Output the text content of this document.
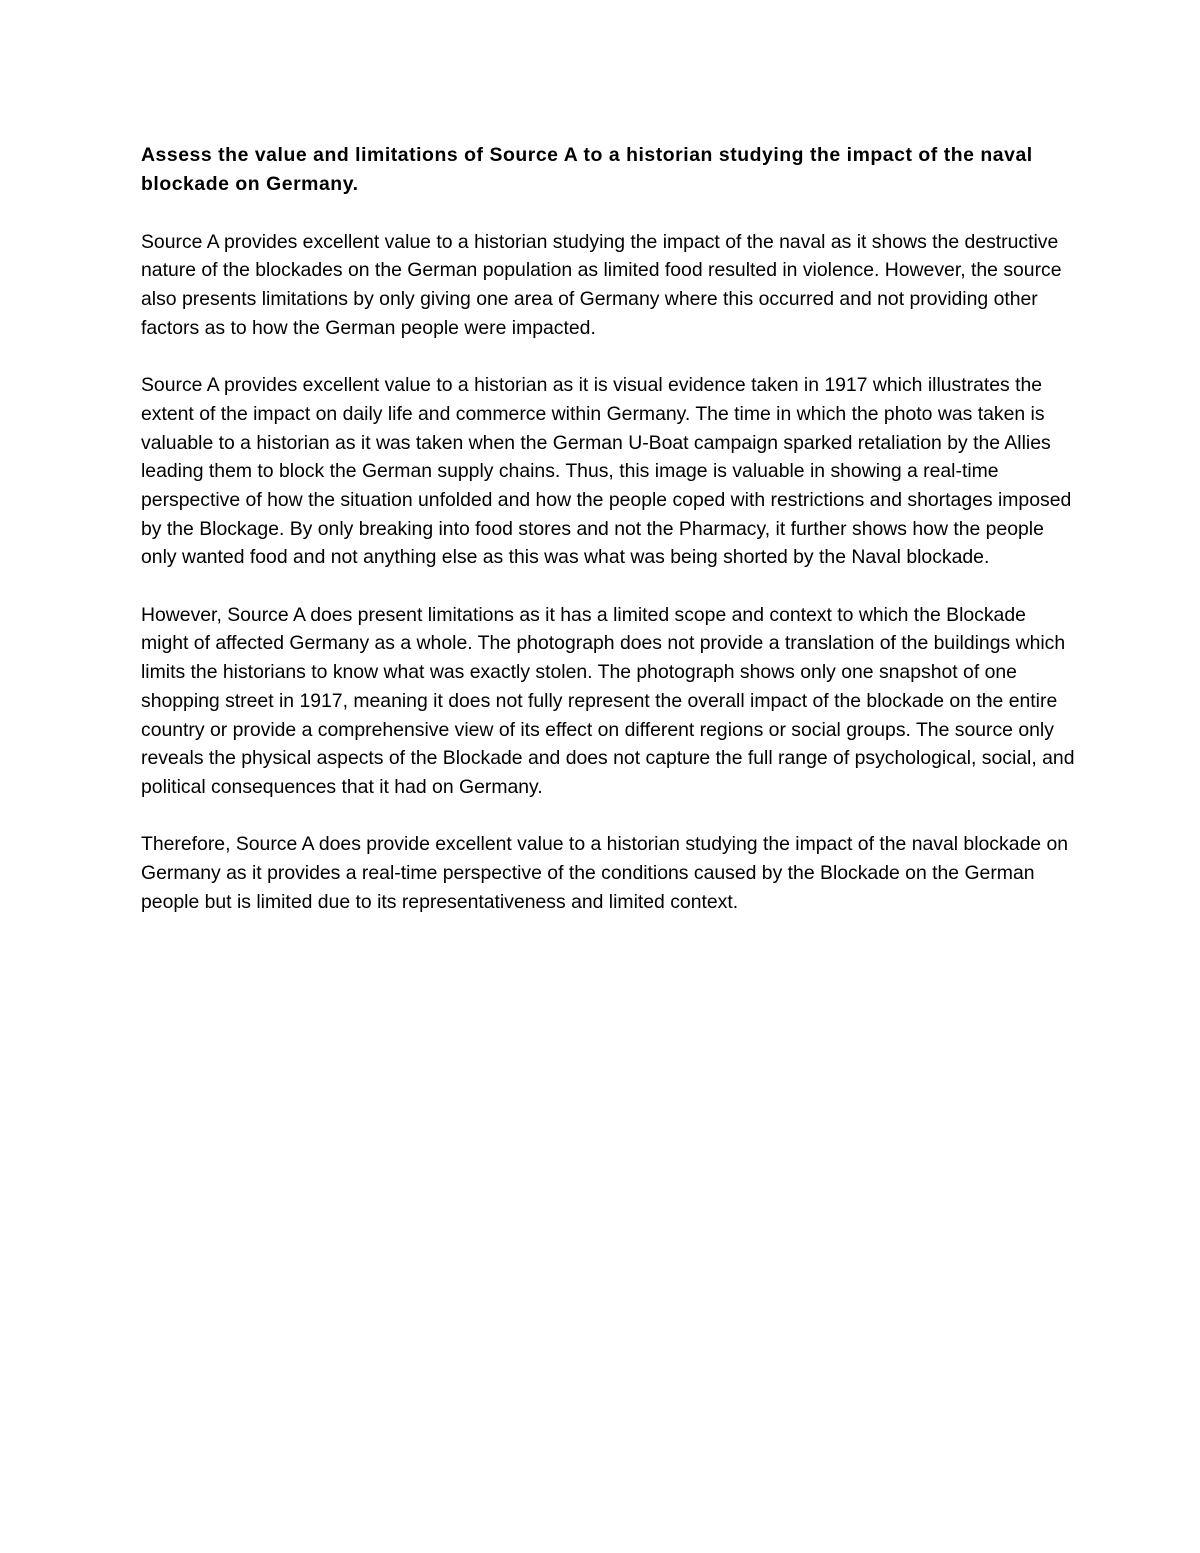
Assess the value and limitations of Source A to a historian studying the impact of the naval blockade on Germany.

Source A provides excellent value to a historian studying the impact of the naval as it shows the destructive nature of the blockades on the German population as limited food resulted in violence. However, the source also presents limitations by only giving one area of Germany where this occurred and not providing other factors as to how the German people were impacted.

Source A provides excellent value to a historian as it is visual evidence taken in 1917 which illustrates the extent of the impact on daily life and commerce within Germany. The time in which the photo was taken is valuable to a historian as it was taken when the German U-Boat campaign sparked retaliation by the Allies leading them to block the German supply chains. Thus, this image is valuable in showing a real-time perspective of how the situation unfolded and how the people coped with restrictions and shortages imposed by the Blockage. By only breaking into food stores and not the Pharmacy, it further shows how the people only wanted food and not anything else as this was what was being shorted by the Naval blockade.

However, Source A does present limitations as it has a limited scope and context to which the Blockade might of affected Germany as a whole. The photograph does not provide a translation of the buildings which limits the historians to know what was exactly stolen. The photograph shows only one snapshot of one shopping street in 1917, meaning it does not fully represent the overall impact of the blockade on the entire country or provide a comprehensive view of its effect on different regions or social groups. The source only reveals the physical aspects of the Blockade and does not capture the full range of psychological, social, and political consequences that it had on Germany.

Therefore, Source A does provide excellent value to a historian studying the impact of the naval blockade on Germany as it provides a real-time perspective of the conditions caused by the Blockade on the German people but is limited due to its representativeness and limited context.
